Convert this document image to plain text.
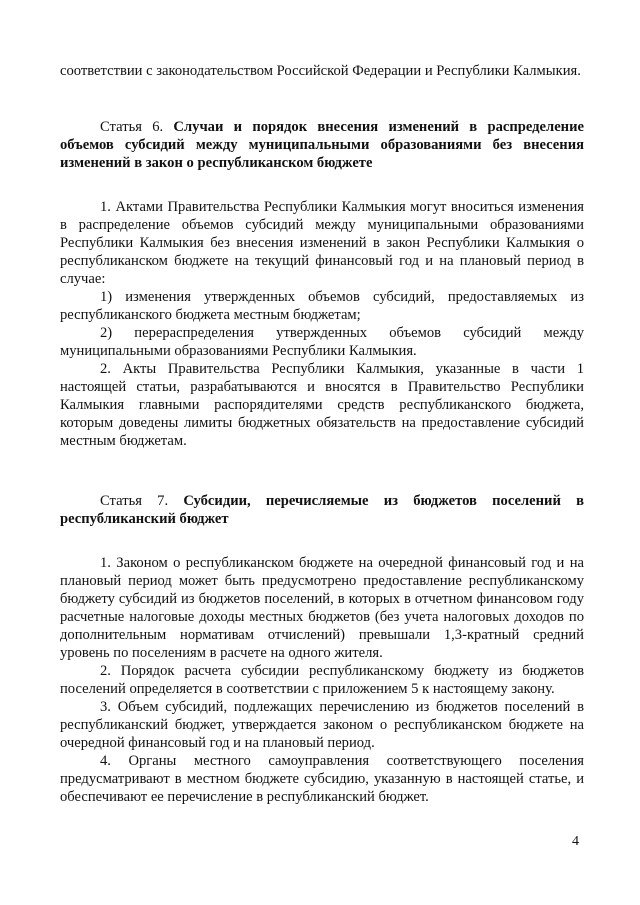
соответствии с законодательством Российской Федерации и Республики Калмыкия.

Статья 6. Случаи и порядок внесения изменений в распределение объемов субсидий между муниципальными образованиями без внесения изменений в закон о республиканском бюджете

1. Актами Правительства Республики Калмыкия могут вноситься изменения в распределение объемов субсидий между муниципальными образованиями Республики Калмыкия без внесения изменений в закон Республики Калмыкия о республиканском бюджете на текущий финансовый год и на плановый период в случае:

1) изменения утвержденных объемов субсидий, предоставляемых из республиканского бюджета местным бюджетам;

2) перераспределения утвержденных объемов субсидий между муниципальными образованиями Республики Калмыкия.

2. Акты Правительства Республики Калмыкия, указанные в части 1 настоящей статьи, разрабатываются и вносятся в Правительство Республики Калмыкия главными распорядителями средств республиканского бюджета, которым доведены лимиты бюджетных обязательств на предоставление субсидий местным бюджетам.

Статья 7. Субсидии, перечисляемые из бюджетов поселений в республиканский бюджет

1. Законом о республиканском бюджете на очередной финансовый год и на плановый период может быть предусмотрено предоставление республиканскому бюджету субсидий из бюджетов поселений, в которых в отчетном финансовом году расчетные налоговые доходы местных бюджетов (без учета налоговых доходов по дополнительным нормативам отчислений) превышали 1,3-кратный средний уровень по поселениям в расчете на одного жителя.

2. Порядок расчета субсидии республиканскому бюджету из бюджетов поселений определяется в соответствии с приложением 5 к настоящему закону.

3. Объем субсидий, подлежащих перечислению из бюджетов поселений в республиканский бюджет, утверждается законом о республиканском бюджете на очередной финансовый год и на плановый период.

4. Органы местного самоуправления соответствующего поселения предусматривают в местном бюджете субсидию, указанную в настоящей статье, и обеспечивают ее перечисление в республиканский бюджет.

4
